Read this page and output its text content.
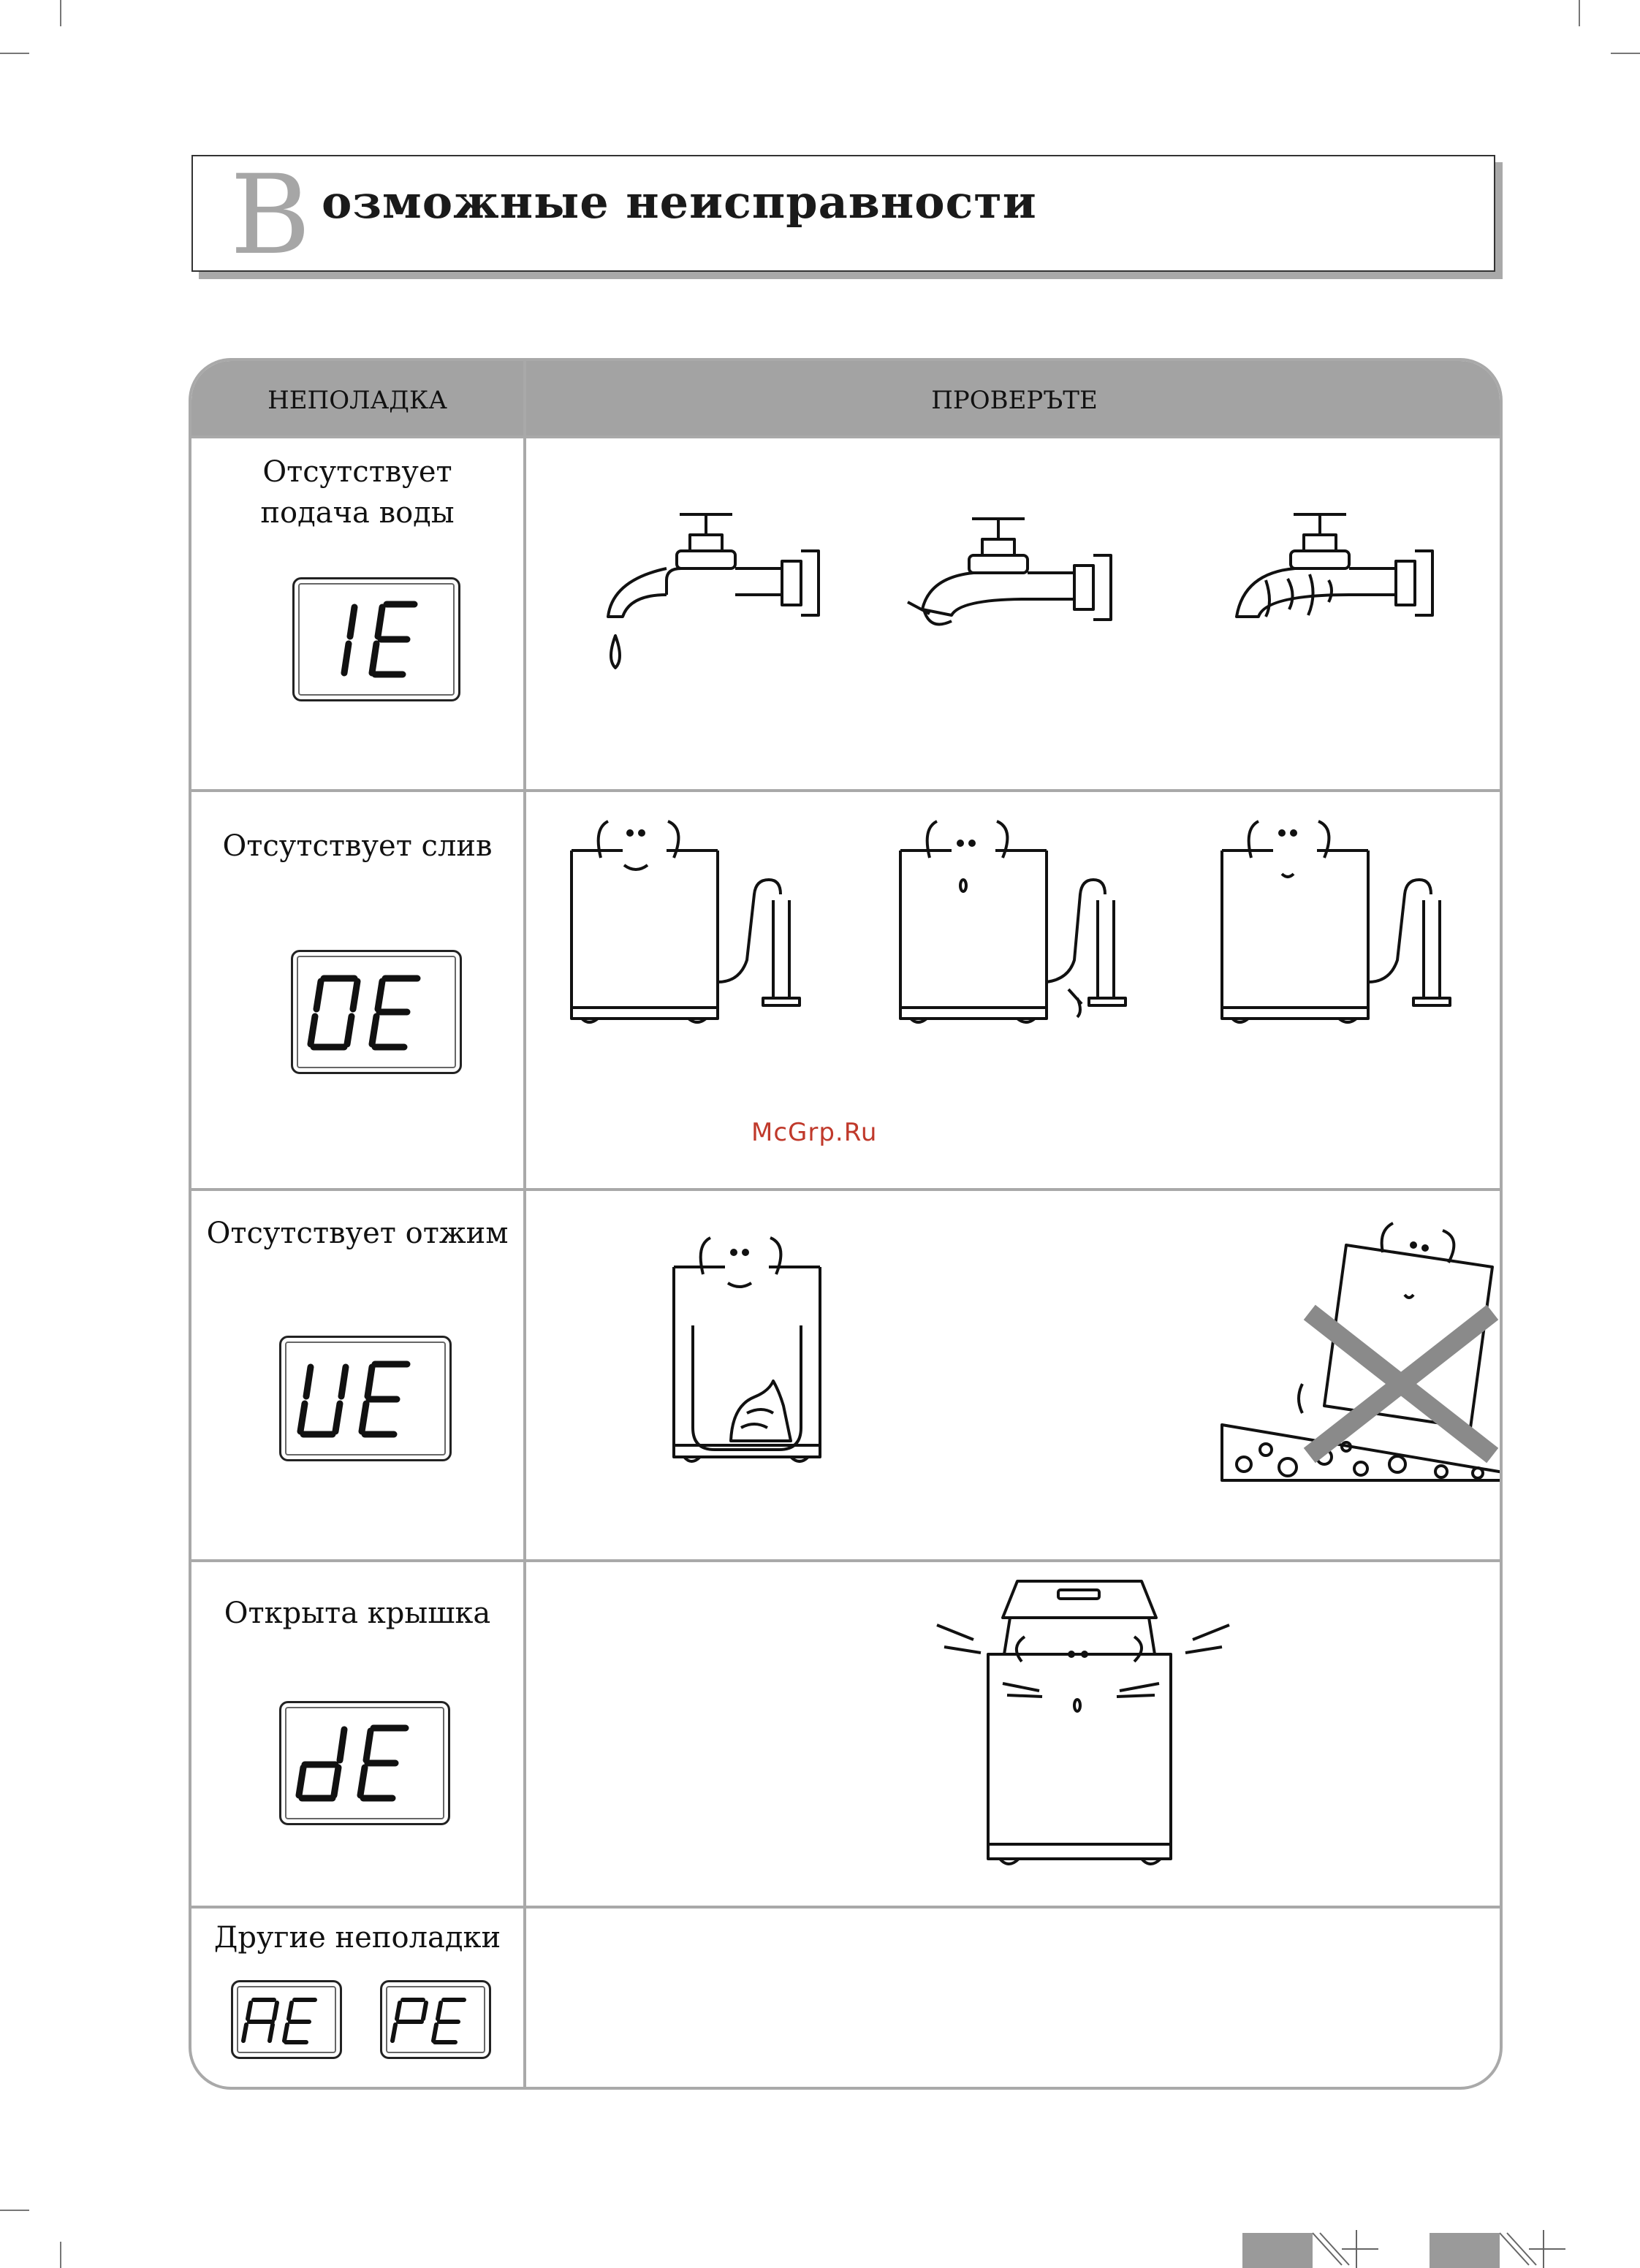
В озможные неисправности
НЕПОЛАДКА	ПРОВЕРЪТЕ
Отсутствует подача воды
Отсутствует слив
Отсутствует отжим
Открыта крышка
Другие неполадки
McGrp.Ru
